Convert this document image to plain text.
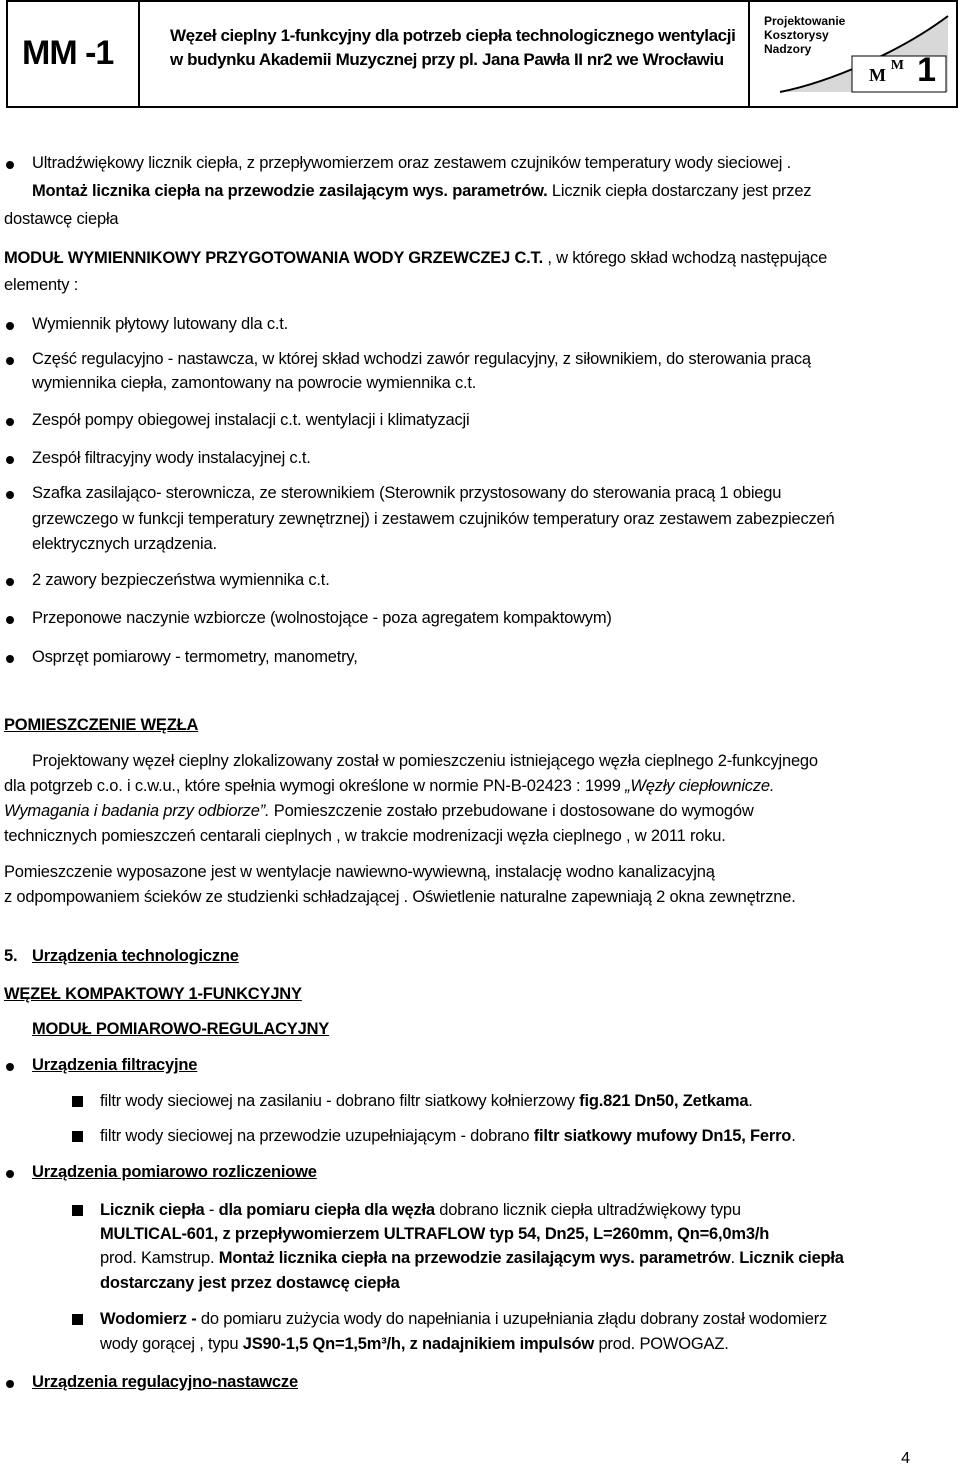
MM -1	Węzeł cieplny 1-funkcyjny dla potrzeb ciepła technologicznego wentylacji
w budynku Akademii Muzycznej przy pl. Jana Pawła II nr2 we Wrocławiu
Projektowanie
Kosztorysy
Nadzory
M M 1
Ultradźwiękowy licznik ciepła, z przepływomierzem oraz zestawem czujników temperatury wody sieciowej .
Montaż licznika ciepła na przewodzie zasilającym wys. parametrów. Licznik ciepła dostarczany jest przez
dostawcę ciepła
MODUŁ WYMIENNIKOWY PRZYGOTOWANIA WODY GRZEWCZEJ C.T. , w którego skład wchodzą następujące
elementy :
Wymiennik płytowy lutowany dla c.t.
Część regulacyjno - nastawcza, w której skład wchodzi zawór regulacyjny, z siłownikiem, do sterowania pracą
wymiennika ciepła, zamontowany na powrocie wymiennika c.t.
Zespół pompy obiegowej instalacji c.t. wentylacji i klimatyzacji
Zespół filtracyjny wody instalacyjnej c.t.
Szafka zasilająco- sterownicza, ze sterownikiem (Sterownik przystosowany do sterowania pracą 1 obiegu
grzewczego w funkcji temperatury zewnętrznej) i zestawem czujników temperatury oraz zestawem zabezpieczeń
elektrycznych urządzenia.
2 zawory bezpieczeństwa wymiennika c.t.
Przeponowe naczynie wzbiorcze (wolnostojące - poza agregatem kompaktowym)
Osprzęt pomiarowy - termometry, manometry,
POMIESZCZENIE WĘZŁA
Projektowany węzeł cieplny zlokalizowany został w pomieszczeniu istniejącego węzła cieplnego 2-funkcyjnego
dla potgrzeb c.o. i c.w.u., które spełnia wymogi określone w normie PN-B-02423 : 1999 „Węzły ciepłownicze.
Wymagania i badania przy odbiorze”. Pomieszczenie zostało przebudowane i dostosowane do wymogów
technicznych pomieszczeń centarali cieplnych , w trakcie modrenizacji węzła cieplnego , w 2011 roku.
Pomieszczenie wyposazone jest w wentylacje nawiewno-wywiewną, instalację wodno kanalizacyjną
z odpompowaniem ścieków ze studzienki schładzającej . Oświetlenie naturalne zapewniają 2 okna zewnętrzne.
5. Urządzenia technologiczne
WĘZEŁ KOMPAKTOWY 1-FUNKCYJNY
MODUŁ POMIAROWO-REGULACYJNY
Urządzenia filtracyjne
filtr wody sieciowej na zasilaniu - dobrano filtr siatkowy kołnierzowy fig.821 Dn50, Zetkama.
filtr wody sieciowej na przewodzie uzupełniającym - dobrano filtr siatkowy mufowy Dn15, Ferro.
Urządzenia pomiarowo rozliczeniowe
Licznik ciepła - dla pomiaru ciepła dla węzła dobrano licznik ciepła ultradźwiękowy typu
MULTICAL-601, z przepływomierzem ULTRAFLOW typ 54, Dn25, L=260mm, Qn=6,0m3/h
prod. Kamstrup. Montaż licznika ciepła na przewodzie zasilającym wys. parametrów. Licznik ciepła
dostarczany jest przez dostawcę ciepła
Wodomierz - do pomiaru zużycia wody do napełniania i uzupełniania złądu dobrany został wodomierz
wody gorącej , typu JS90-1,5 Qn=1,5m³/h, z nadajnikiem impulsów prod. POWOGAZ.
Urządzenia regulacyjno-nastawcze
4
